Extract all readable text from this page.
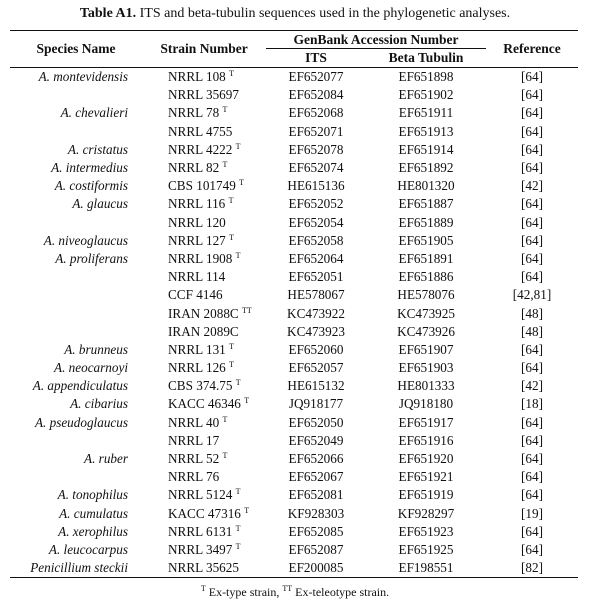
Table A1. ITS and beta-tubulin sequences used in the phylogenetic analyses.
Species Name	Strain Number	GenBank Accession Number		Reference
		ITS	Beta Tubulin	
A. montevidensis	NRRL 108 $^T$	EF652077	EF651898	[64]
	NRRL 35697	EF652084	EF651902	[64]
A. chevalieri	NRRL 78 $^T$	EF652068	EF651911	[64]
	NRRL 4755	EF652071	EF651913	[64]
A. cristatus	NRRL 4222 $^T$	EF652078	EF651914	[64]
A. intermedius	NRRL 82 $^T$	EF652074	EF651892	[64]
A. costiformis	CBS 101749 $^T$	HE615136	HE801320	[42]
A. glaucus	NRRL 116 $^T$	EF652052	EF651887	[64]
	NRRL 120	EF652054	EF651889	[64]
A. niveoglaucus	NRRL 127 $^T$	EF652058	EF651905	[64]
A. proliferans	NRRL 1908 $^T$	EF652064	EF651891	[64]
	NRRL 114	EF652051	EF651886	[64]
	CCF 4146	HE578067	HE578076	[42,81]
	IRAN 2088C $^{TT}$	KC473922	KC473925	[48]
	IRAN 2089C	KC473923	KC473926	[48]
A. brunneus	NRRL 131 $^T$	EF652060	EF651907	[64]
A. neocarnoyi	NRRL 126 $^T$	EF652057	EF651903	[64]
A. appendiculatus	CBS 374.75 $^T$	HE615132	HE801333	[42]
A. cibarius	KACC 46346 $^T$	JQ918177	JQ918180	[18]
A. pseudoglaucus	NRRL 40 $^T$	EF652050	EF651917	[64]
	NRRL 17	EF652049	EF651916	[64]
A. ruber	NRRL 52 $^T$	EF652066	EF651920	[64]
	NRRL 76	EF652067	EF651921	[64]
A. tonophilus	NRRL 5124 $^T$	EF652081	EF651919	[64]
A. cumulatus	KACC 47316 $^T$	KF928303	KF928297	[19]
A. xerophilus	NRRL 6131 $^T$	EF652085	EF651923	[64]
A. leucocarpus	NRRL 3497 $^T$	EF652087	EF651925	[64]
Penicillium steckii	NRRL 35625	EF200085	EF198551	[82]
$^T$ Ex-type strain, $^{TT}$ Ex-teleotype strain.
